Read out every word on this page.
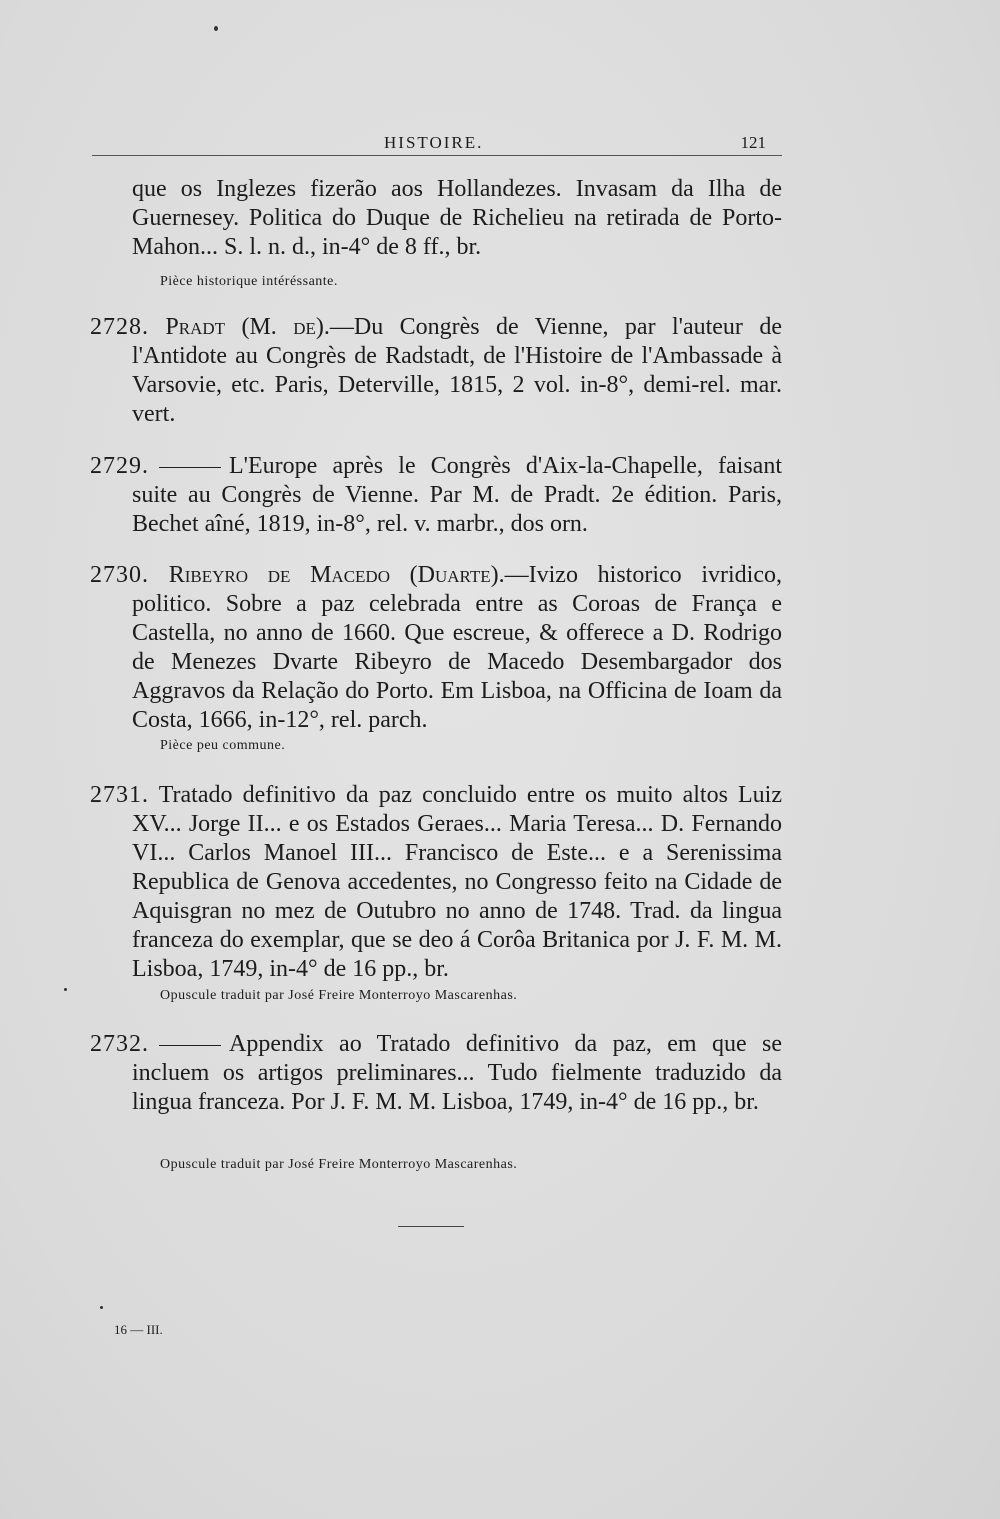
HISTOIRE.	121
que os Inglezes fizerão aos Hollandezes. Invasam da Ilha de Guernesey. Politica do Duque de Richelieu na retirada de Porto-Mahon... S. l. n. d., in-4° de 8 ff., br.
Pièce historique intéréssante.
2728. Pradt (M. de).—Du Congrès de Vienne, par l'auteur de l'Antidote au Congrès de Radstadt, de l'Histoire de l'Ambassade à Varsovie, etc. Paris, Deterville, 1815, 2 vol. in-8°, demi-rel. mar. vert.
2729.	L'Europe après le Congrès d'Aix-la-Chapelle, faisant suite au Congrès de Vienne. Par M. de Pradt. 2e édition. Paris, Bechet aîné, 1819, in-8°, rel. v. marbr., dos orn.
2730. Ribeyro de Macedo (Duarte).—Ivizo historico ivridico, politico. Sobre a paz celebrada entre as Coroas de França e Castella, no anno de 1660. Que escreue, & offerece a D. Rodrigo de Menezes Dvarte Ribeyro de Macedo Desembargador dos Aggravos da Relação do Porto. Em Lisboa, na Officina de Ioam da Costa, 1666, in-12°, rel. parch.
Pièce peu commune.
2731. Tratado definitivo da paz concluido entre os muito altos Luiz XV... Jorge II... e os Estados Geraes... Maria Teresa... D. Fernando VI... Carlos Manoel III... Francisco de Este... e a Serenissima Republica de Genova accedentes, no Congresso feito na Cidade de Aquisgran no mez de Outubro no anno de 1748. Trad. da lingua franceza do exemplar, que se deo á Corôa Britanica por J. F. M. M. Lisboa, 1749, in-4° de 16 pp., br.
Opuscule traduit par José Freire Monterroyo Mascarenhas.
2732.	Appendix ao Tratado definitivo da paz, em que se incluem os artigos preliminares... Tudo fielmente traduzido da lingua franceza. Por J. F. M. M. Lisboa, 1749, in-4° de 16 pp., br.
Opuscule traduit par José Freire Monterroyo Mascarenhas.
16 — III.
